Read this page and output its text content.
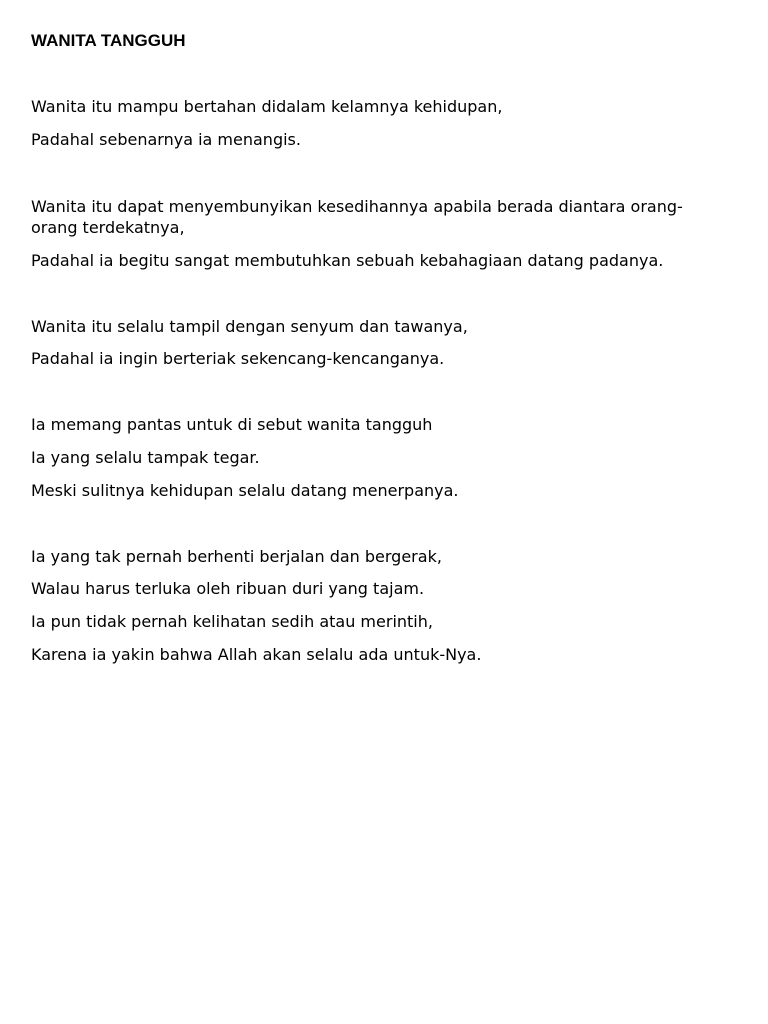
WANITA TANGGUH
Wanita itu mampu bertahan didalam kelamnya kehidupan,
Padahal sebenarnya ia menangis.
Wanita itu dapat menyembunyikan kesedihannya apabila berada diantara orang-orang terdekatnya,
Padahal ia begitu sangat membutuhkan sebuah kebahagiaan datang padanya.
Wanita itu selalu tampil dengan senyum dan tawanya,
Padahal ia ingin berteriak sekencang-kencanganya.
Ia memang pantas untuk di sebut wanita tangguh
Ia yang selalu tampak tegar.
Meski sulitnya kehidupan selalu datang menerpanya.
Ia yang tak pernah berhenti berjalan dan bergerak,
Walau harus terluka oleh ribuan duri yang tajam.
Ia pun tidak pernah kelihatan sedih atau merintih,
Karena ia yakin bahwa Allah akan selalu ada untuk-Nya.
